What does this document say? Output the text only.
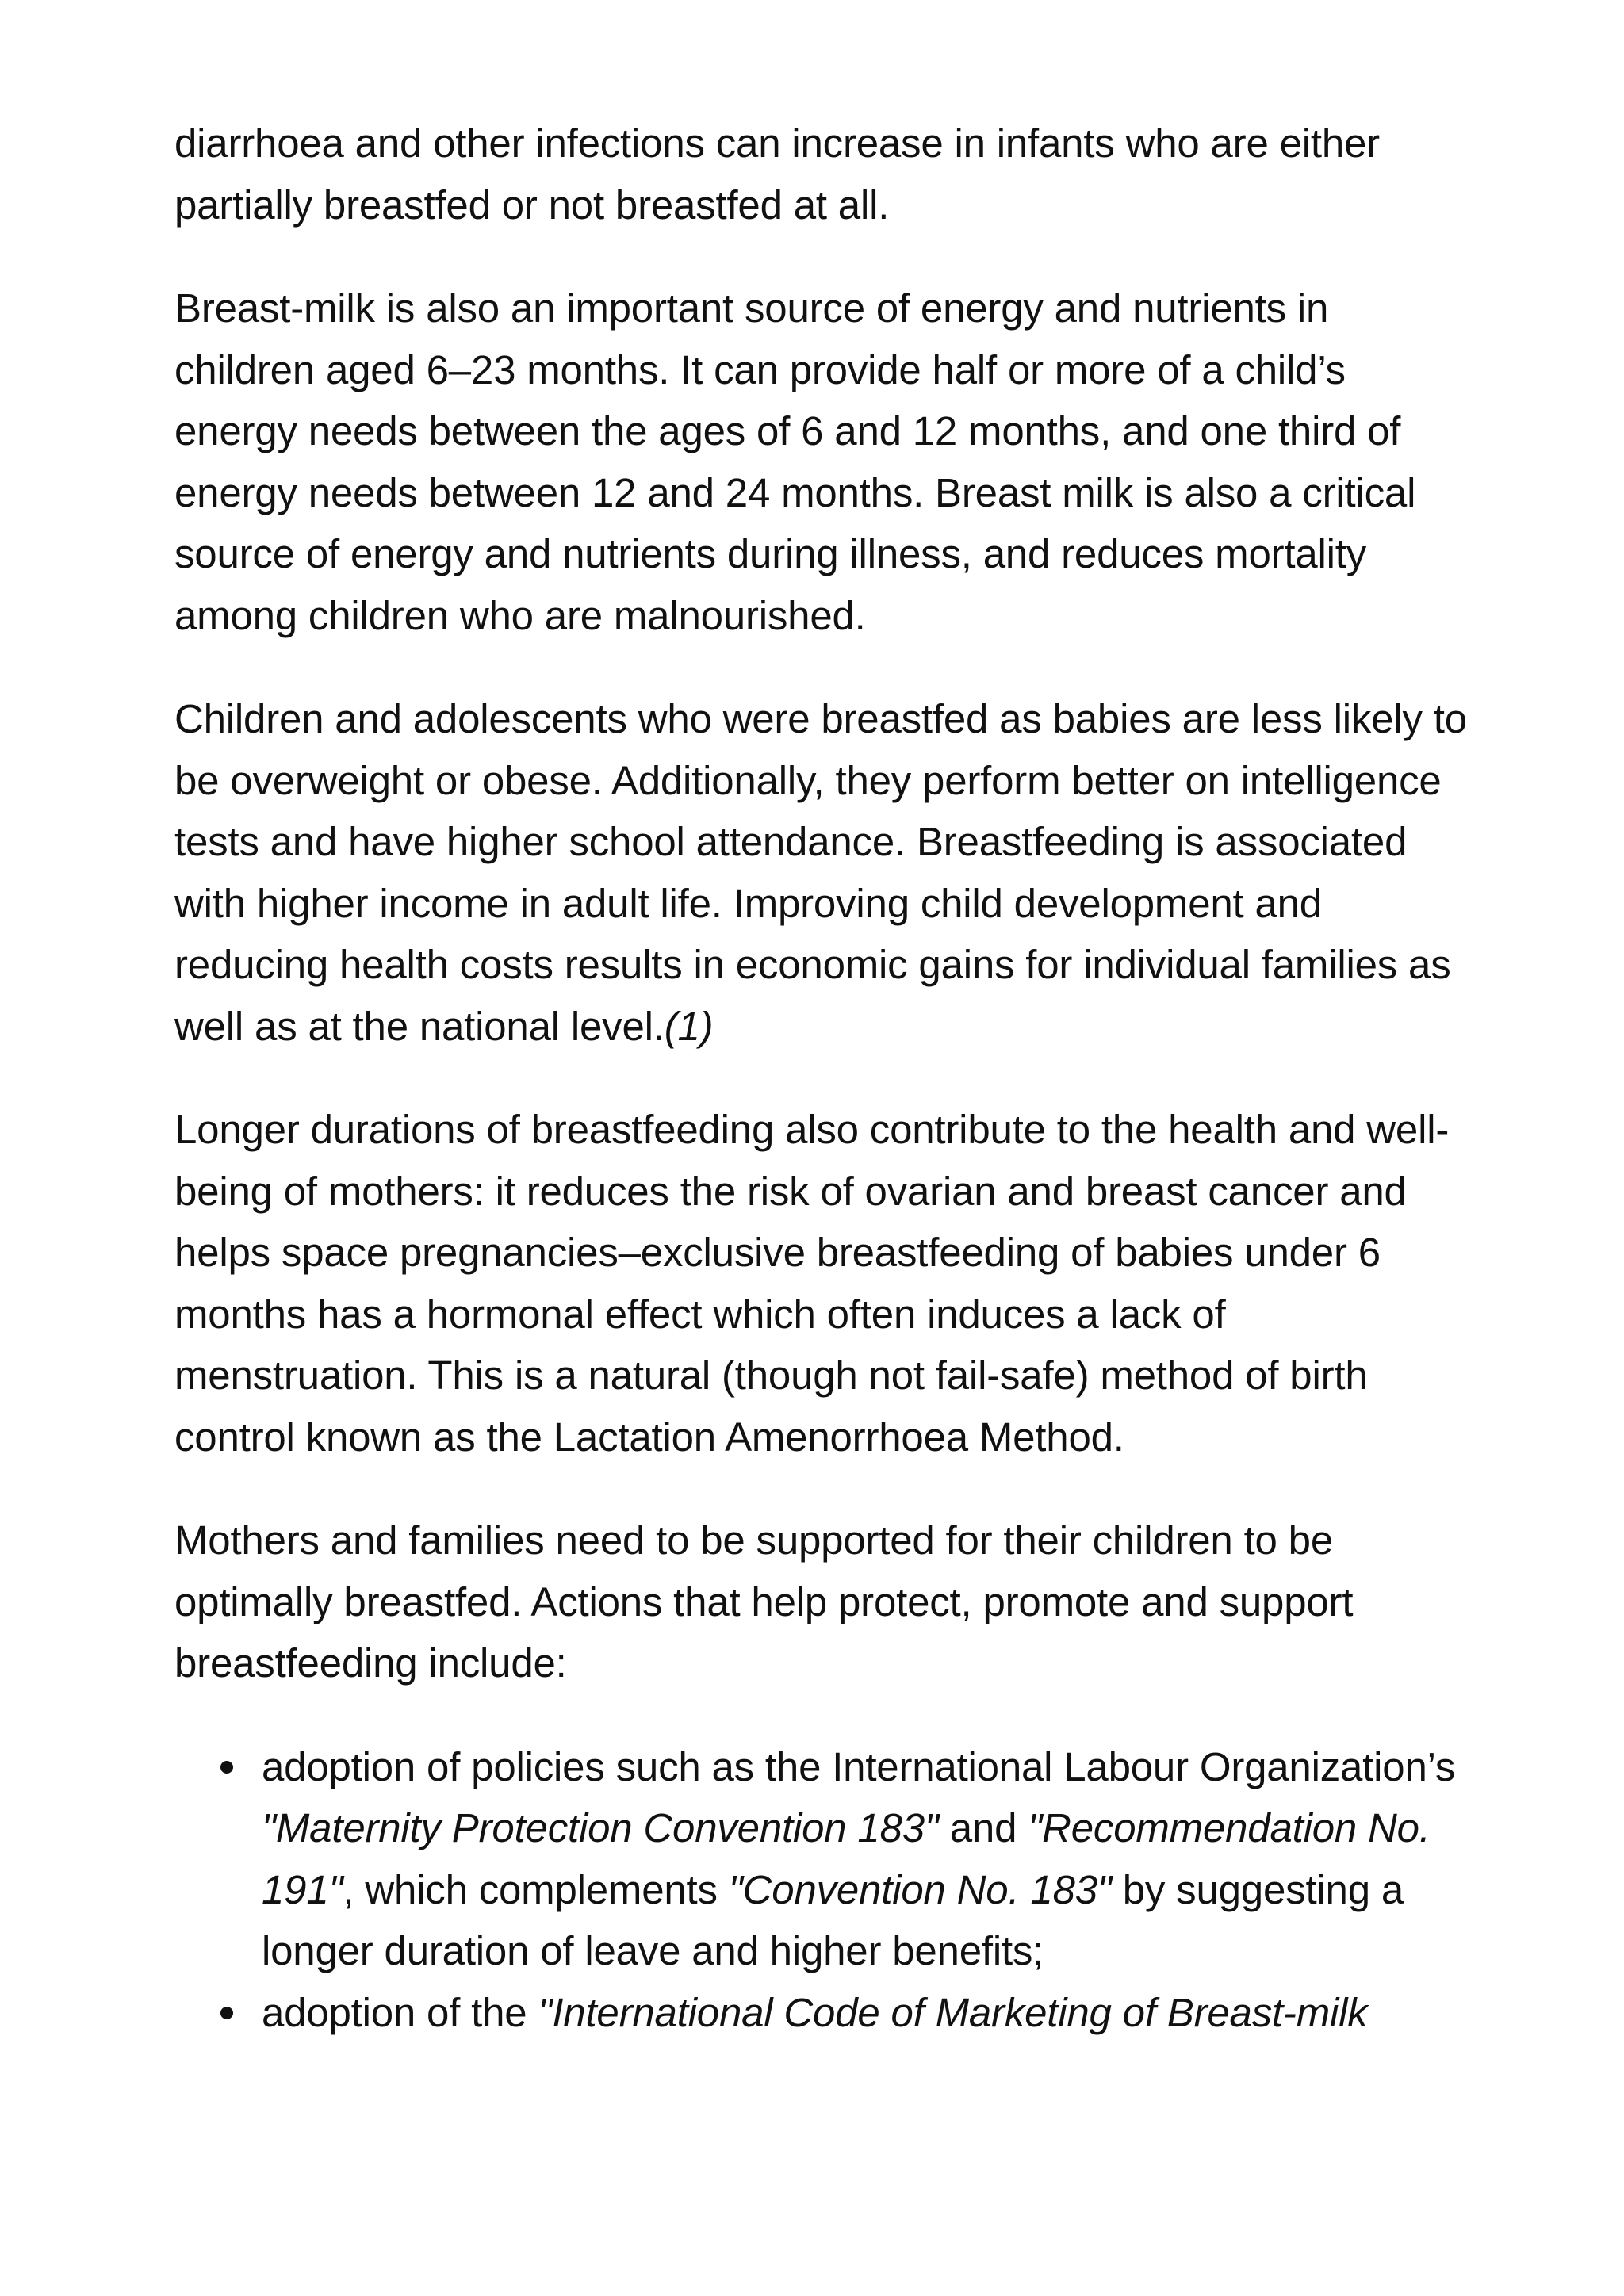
diarrhoea and other infections can increase in infants who are either partially breastfed or not breastfed at all.

Breast-milk is also an important source of energy and nutrients in children aged 6–23 months. It can provide half or more of a child’s energy needs between the ages of 6 and 12 months, and one third of energy needs between 12 and 24 months. Breast milk is also a critical source of energy and nutrients during illness, and reduces mortality among children who are malnourished.

Children and adolescents who were breastfed as babies are less likely to be overweight or obese. Additionally, they perform better on intelligence tests and have higher school attendance. Breastfeeding is associated with higher income in adult life. Improving child development and reducing health costs results in economic gains for individual families as well as at the national level.(1)

Longer durations of breastfeeding also contribute to the health and well-being of mothers: it reduces the risk of ovarian and breast cancer and helps space pregnancies–exclusive breastfeeding of babies under 6 months has a hormonal effect which often induces a lack of menstruation. This is a natural (though not fail-safe) method of birth control known as the Lactation Amenorrhoea Method.

Mothers and families need to be supported for their children to be optimally breastfed. Actions that help protect, promote and support breastfeeding include:

adoption of policies such as the International Labour Organization’s "Maternity Protection Convention 183" and "Recommendation No. 191", which complements "Convention No. 183" by suggesting a longer duration of leave and higher benefits;
adoption of the "International Code of Marketing of Breast-milk
